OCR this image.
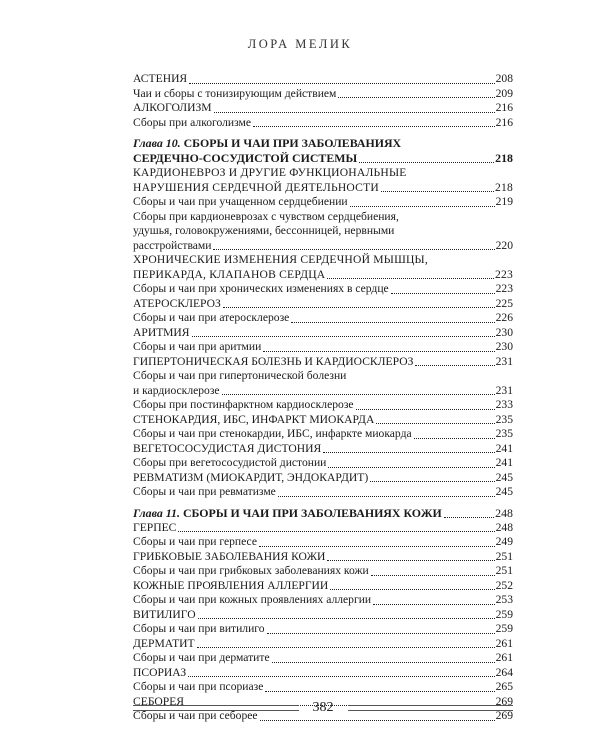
ЛОРА МЕЛИК
АСТЕНИЯ	208
Чаи и сборы с тонизирующим действием	209
АЛКОГОЛИЗМ	216
Сборы при алкоголизме	216
Глава 10. СБОРЫ И ЧАИ ПРИ ЗАБОЛЕВАНИЯХ
СЕРДЕЧНО-СОСУДИСТОЙ СИСТЕМЫ	218
КАРДИОНЕВРОЗ И ДРУГИЕ ФУНКЦИОНАЛЬНЫЕ
НАРУШЕНИЯ СЕРДЕЧНОЙ ДЕЯТЕЛЬНОСТИ	218
Сборы и чаи при учащенном сердцебиении	219
Сборы при кардионеврозах с чувством сердцебиения,
удушья, головокружениями, бессонницей, нервными
расстройствами	220
ХРОНИЧЕСКИЕ ИЗМЕНЕНИЯ СЕРДЕЧНОЙ МЫШЦЫ,
ПЕРИКАРДА, КЛАПАНОВ СЕРДЦА	223
Сборы и чаи при хронических изменениях в сердце	223
АТЕРОСКЛЕРОЗ	225
Сборы и чаи при атеросклерозе	226
АРИТМИЯ	230
Сборы и чаи при аритмии	230
ГИПЕРТОНИЧЕСКАЯ БОЛЕЗНЬ И КАРДИОСКЛЕРОЗ	231
Сборы и чаи при гипертонической болезни
и кардиосклерозе	231
Сборы при постинфарктном кардиосклерозе	233
СТЕНОКАРДИЯ, ИБС, ИНФАРКТ МИОКАРДА	235
Сборы и чаи при стенокардии, ИБС, инфаркте миокарда	235
ВЕГЕТОСОСУДИСТАЯ ДИСТОНИЯ	241
Сборы при вегетососудистой дистонии	241
РЕВМАТИЗМ (МИОКАРДИТ, ЭНДОКАРДИТ)	245
Сборы и чаи при ревматизме	245
Глава 11. СБОРЫ И ЧАИ ПРИ ЗАБОЛЕВАНИЯХ КОЖИ	248
ГЕРПЕС	248
Сборы и чаи при герпесе	249
ГРИБКОВЫЕ ЗАБОЛЕВАНИЯ КОЖИ	251
Сборы и чаи при грибковых заболеваниях кожи	251
КОЖНЫЕ ПРОЯВЛЕНИЯ АЛЛЕРГИИ	252
Сборы и чаи при кожных проявлениях аллергии	253
ВИТИЛИГО	259
Сборы и чаи при витилиго	259
ДЕРМАТИТ	261
Сборы и чаи при дерматите	261
ПСОРИАЗ	264
Сборы и чаи при псориазе	265
СЕБОРЕЯ	269
Сборы и чаи при себорее	269
382
